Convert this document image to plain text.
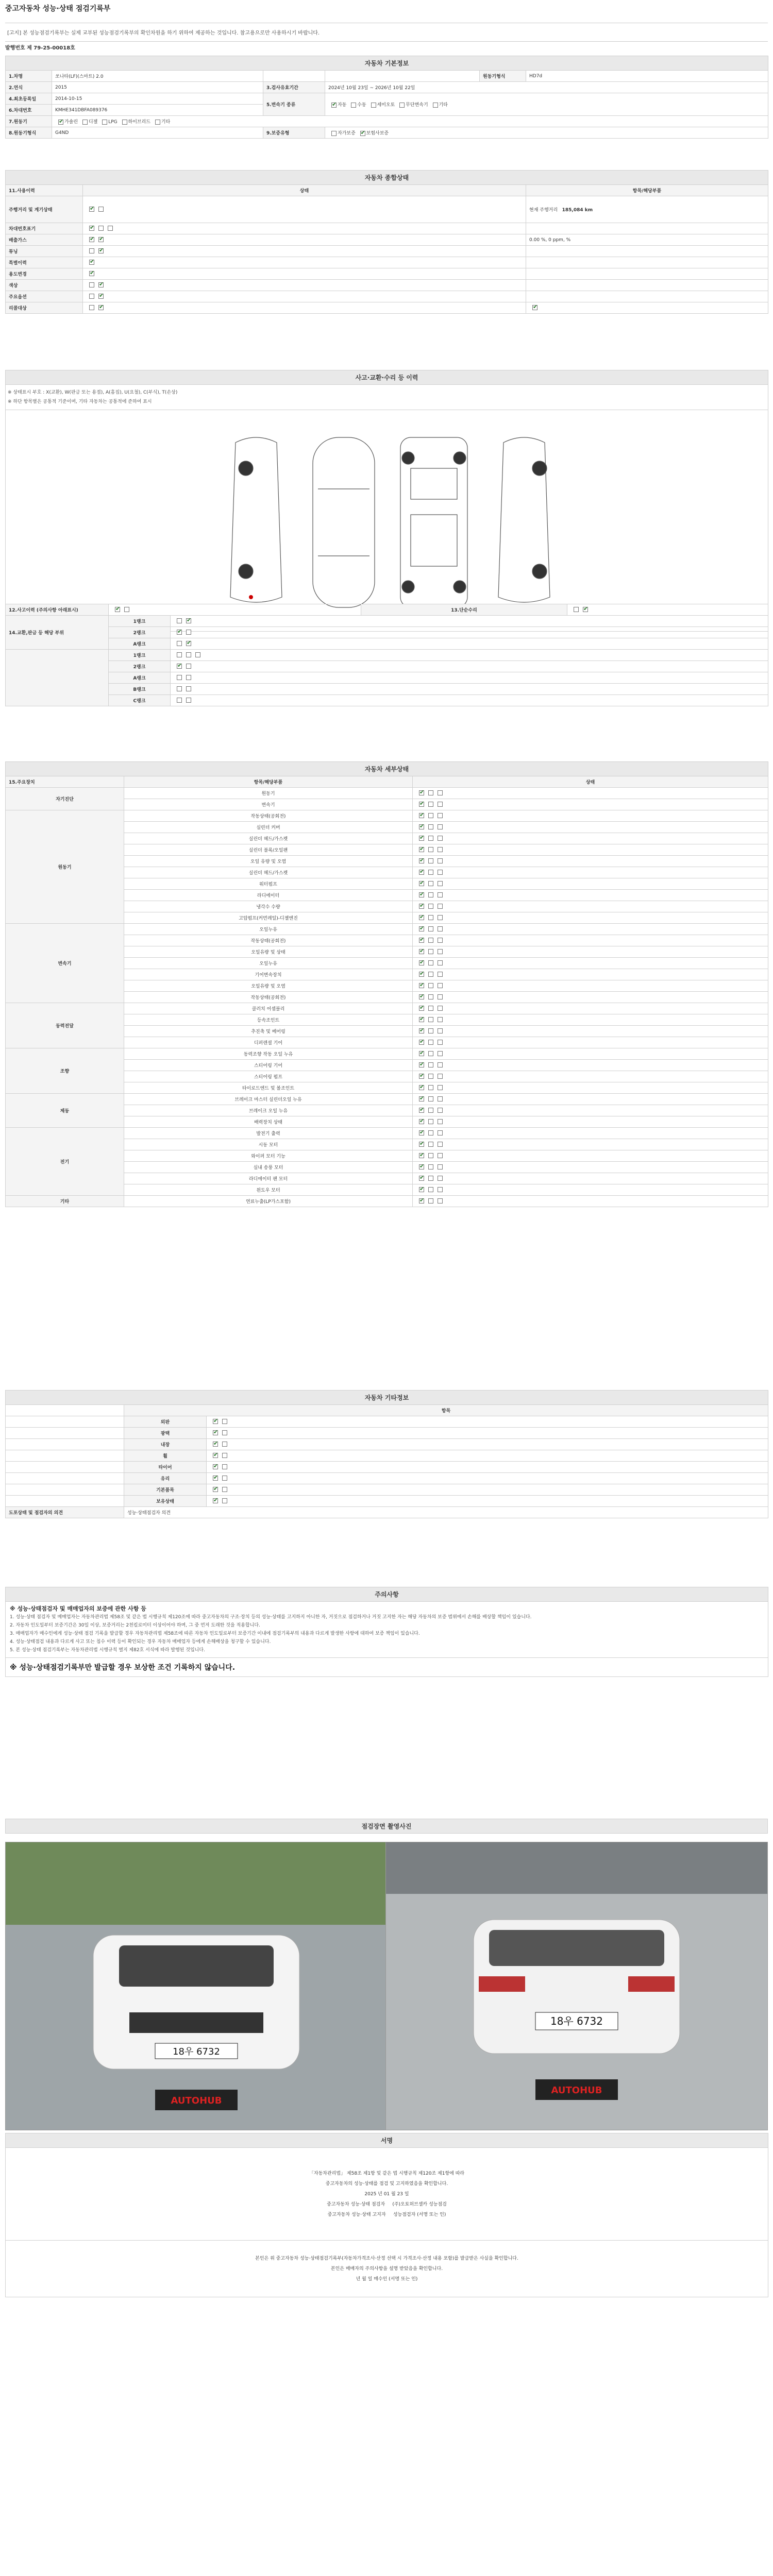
중고자동차 성능·상태 점검기록부
[고지] 본 성능점검기록부는 실제 교부된 성능점검기록부의 확인차원을 하기 위하여 제공하는 것입니다. 참고용으로만 사용하시기 바랍니다.
발행번호 제 79-25-00018호
자동차 기본정보					
1.차명	쏘나타(LF)(스마트) 2.0			원동기형식	HD7d
2.연식	2015	3.검사유효기간	2024년 10월 23일 ~ 2026년 10월 22일		
4.최초등록일	2014-10-15	5.변속기 종류	✔자동 수동 세미오토 무단변속기 기타
6.차대번호	KMHE341DBFA089376				
7.원동기	✔가솔린 디젤 LPG 하이브리드 기타
8.원동기형식	G4ND	9.보증유형	자가보증 ✔ 보험사보증
자동차 종합상태		
11.사용이력	상태	항목/해당부품
주행거리 및 계기상태	✔	현재 주행거리 185,084 km
차대번호표기	✔	
배출가스	✔✔	0.00 %, 0 ppm, %
튜닝	✔	
특별이력	✔	
용도변경	✔	
색상	✔	
주요옵션	✔	
리콜대상	✔	✔
사고·교환·수리 등 이력

※ 상태표시 부호 : X(교환), W(판금 또는 용접), A(흠집), U(요철), C(부식), T(손상)
※ 하단 항목별은 공통적 기준이며, 기타 자동차는 공통적에 준하여 표시

12.사고이력 (주의사항 아래표시)	✔		13.단순수리	✔
14.교환,판금 등 해당 부위	1랭크	✔
	2랭크	✔
	A랭크	✔
	1랭크			
	2랭크	✔
	A랭크			
	B랭크			
	C랭크			
자동차 세부상태		
15.주요장치	항목/해당부품	상태
자기진단	원동기	✔
	변속기	✔
원동기	작동상태(공회전)	✔
	실린더 커버	✔
	실린더 헤드/가스켓	✔
	실린더 블록/오일팬	✔
	오일 유량 및 오염	✔
	실린더 헤드/가스켓	✔
	워터펌프	✔
	라디에이터	✔
	냉각수 수량	✔
	고압펌프(커먼레일)-디젤엔진	✔
변속기	오일누유	✔
	작동상태(공회전)	✔
	오일유량 및 상태	✔
	오일누유	✔
	기어변속장치	✔
	오일유량 및 오염	✔
	작동상태(공회전)	✔
동력전달	클러치 어셈블리	✔
	등속조인트	✔
	추진축 및 베어링	✔
	디퍼렌셜 기어	✔
조향	동력조향 작동 오일 누유	✔
	스티어링 기어	✔
	스티어링 펌프	✔
	타이로드엔드 및 볼조인트	✔
제동	브레이크 마스터 실린더오일 누유	✔
	브레이크 오일 누유	✔
	배력장치 상태	✔
전기	발전기 출력	✔
	시동 모터	✔
	와이퍼 모터 기능	✔
	실내 송풍 모터	✔
	라디에이터 팬 모터	✔
	윈도우 모터	✔
기타	연료누출(LP가스포함)	✔
자동차 기타정보		
	항목	
	외판	✔
	광택	✔
	내장	✔
	휠	✔
	타이어	✔
	유리	✔
	기본품목	✔
	보유상태	✔
도포상태 및 점검자의 의견	성능·상태점검자 의견	
주의사항

※ 성능·상태점검자 및 매매업자의 보증에 관한 사항 등
1. 성능·상태 점검자 및 매매업자는 자동차관리법 제58조 및 같은 법 시행규칙 제120조에 따라 중고자동차의 구조·장치 등의 성능·상태를 고지하지 아니한 자, 거짓으로 점검하거나 거짓 고지한 자는 해당 자동차의 보증 범위에서 손해를 배상할 책임이 있습니다.
2. 자동차 인도일부터 보증기간은 30일 이상, 보증거리는 2천킬로미터 이상이어야 하며, 그 중 먼저 도래한 것을 적용합니다.
3. 매매업자가 매수인에게 성능·상태 점검 기록을 발급할 경우 자동차관리법 제58조에 따른 자동차 인도일로부터 보증기간 이내에 점검기록부의 내용과 다르게 발생한 사항에 대하여 보증 책임이 있습니다.
4. 성능·상태점검 내용과 다르게 사고 또는 침수 이력 등이 확인되는 경우 자동차 매매업자 등에게 손해배상을 청구할 수 있습니다.
5. 본 성능·상태 점검기록부는 자동차관리법 시행규칙 별지 제82호 서식에 따라 발행된 것입니다.

※ 성능·상태점검기록부만 발급할 경우 보상한 조건 기록하지 않습니다.
점검장면 촬영사진
18우 6732
AUTOHUB
18우 6732
AUTOHUB
서명

「자동차관리법」 제58조 제1항 및 같은 법 시행규칙 제120조 제1항에 따라
중고자동차의 성능·상태를 점검 및 고지하였음을 확인합니다.
2025 년 01 월 23 일
중고자동차 성능·상태 점검자 (주)오토허브셀카 성능점검
중고자동차 성능·상태 고지자 성능점검자 (서명 또는 인)

본인은 위 중고자동차 성능·상태점검기록부(자동차가격조사·산정 선택 시 가격조사·산정 내용 포함)를 발급받은 사실을 확인합니다.
본인은 매매자의 주의사항을 설명 받았음을 확인합니다.
년 월 일 매수인 (서명 또는 인)
